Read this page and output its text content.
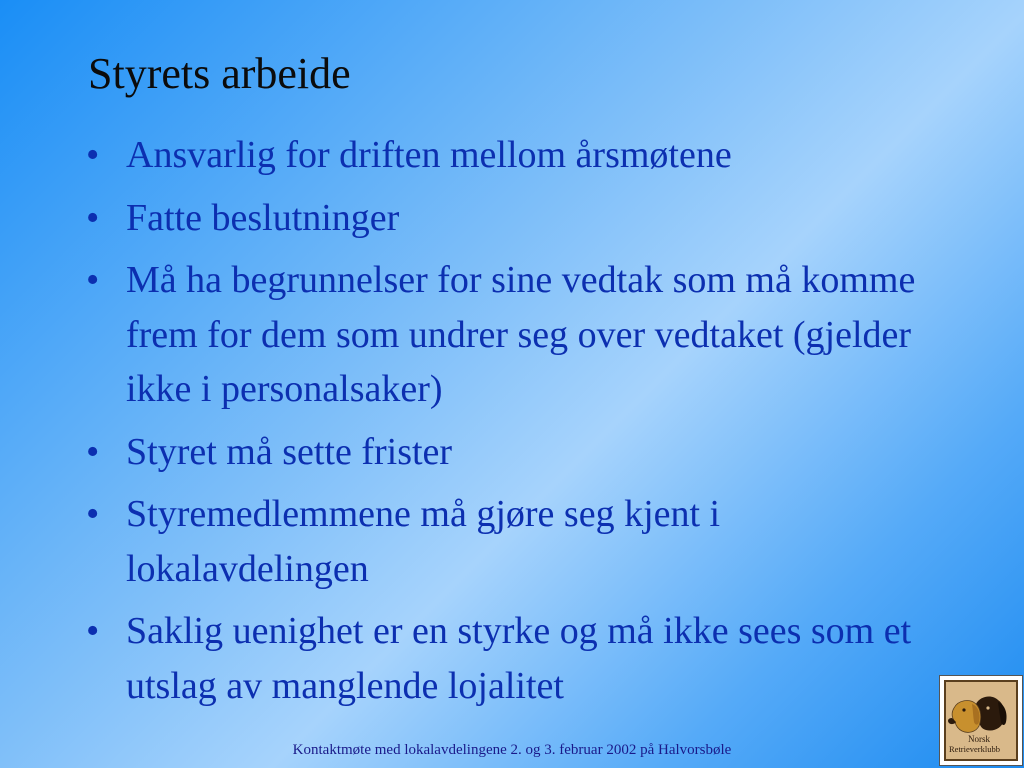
Styrets arbeide
• Ansvarlig for driften mellom årsmøtene
• Fatte beslutninger
• Må ha begrunnelser for sine vedtak som må komme frem for dem som undrer seg over vedtaket (gjelder ikke i personalsaker)
• Styret må sette frister
• Styremedlemmene må gjøre seg kjent i lokalavdelingen
• Saklig uenighet er en styrke og må ikke sees som et utslag av manglende lojalitet
Kontaktmøte med lokalavdelingene 2. og 3. februar 2002 på Halvorsbøle
Norsk
Retrieverklubb
